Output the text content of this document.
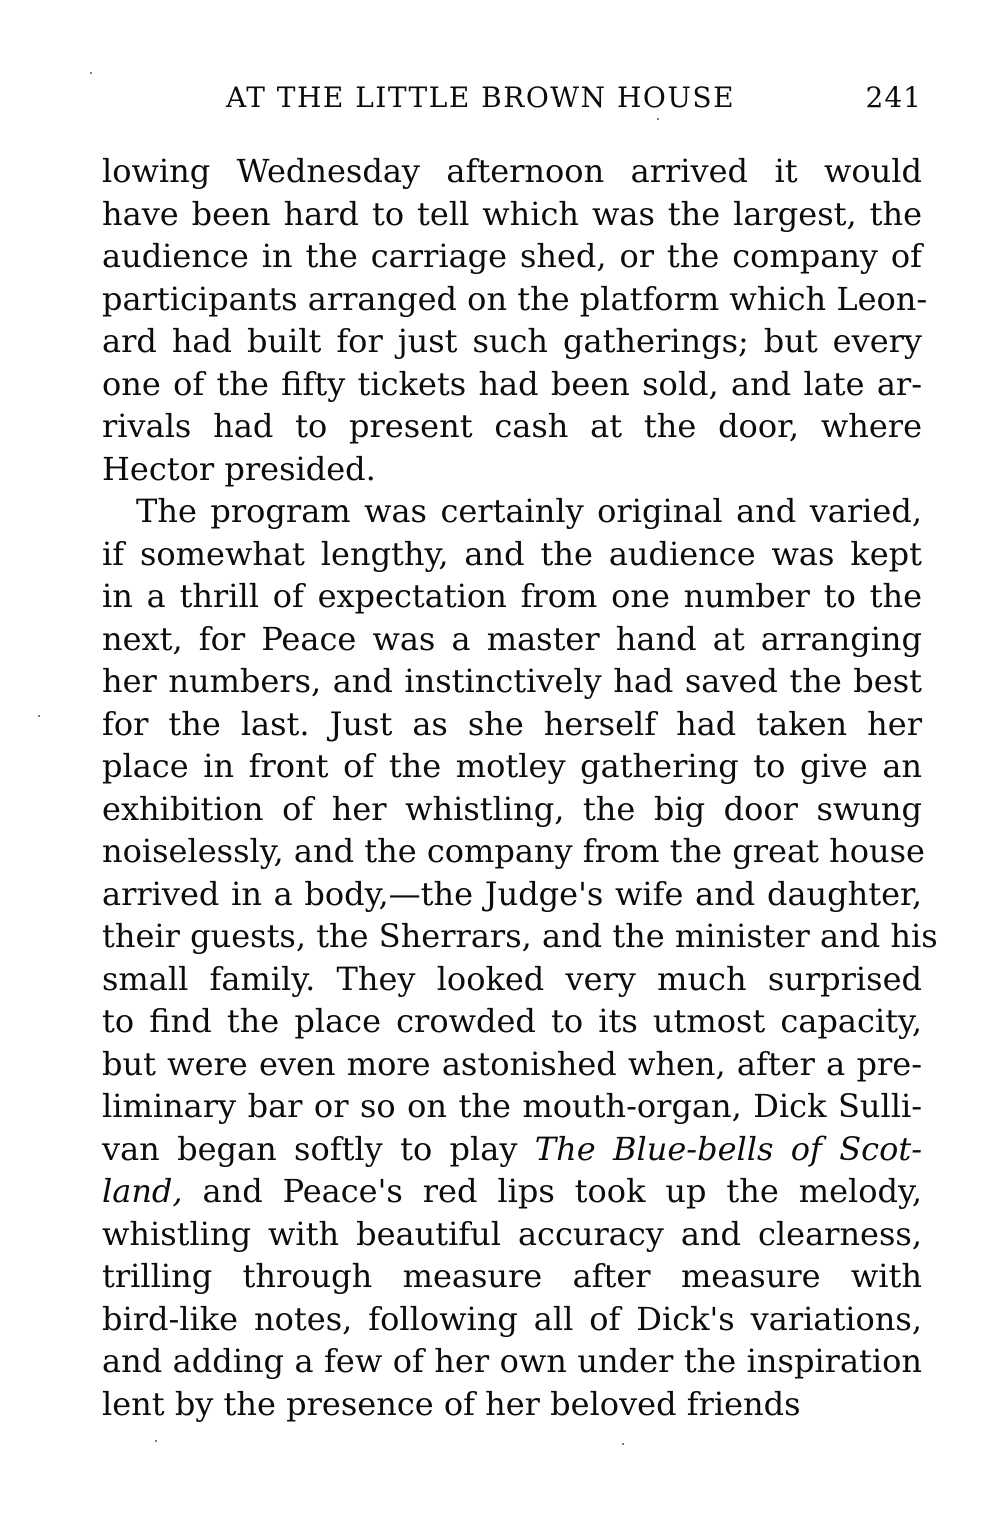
AT THE LITTLE BROWN HOUSE	241
lowing Wednesday afternoon arrived it would
have been hard to tell which was the largest, the
audience in the carriage shed, or the company of
participants arranged on the platform which Leon-
ard had built for just such gatherings; but every
one of the fifty tickets had been sold, and late ar-
rivals had to present cash at the door, where
Hector presided.
The program was certainly original and varied,
if somewhat lengthy, and the audience was kept
in a thrill of expectation from one number to the
next, for Peace was a master hand at arranging
her numbers, and instinctively had saved the best
for the last. Just as she herself had taken her
place in front of the motley gathering to give an
exhibition of her whistling, the big door swung
noiselessly, and the company from the great house
arrived in a body,—the Judge's wife and daughter,
their guests, the Sherrars, and the minister and his
small family. They looked very much surprised
to find the place crowded to its utmost capacity,
but were even more astonished when, after a pre-
liminary bar or so on the mouth-organ, Dick Sulli-
van began softly to play The Blue-bells of Scot-
land, and Peace's red lips took up the melody,
whistling with beautiful accuracy and clearness,
trilling through measure after measure with
bird-like notes, following all of Dick's variations,
and adding a few of her own under the inspiration
lent by the presence of her beloved friends
